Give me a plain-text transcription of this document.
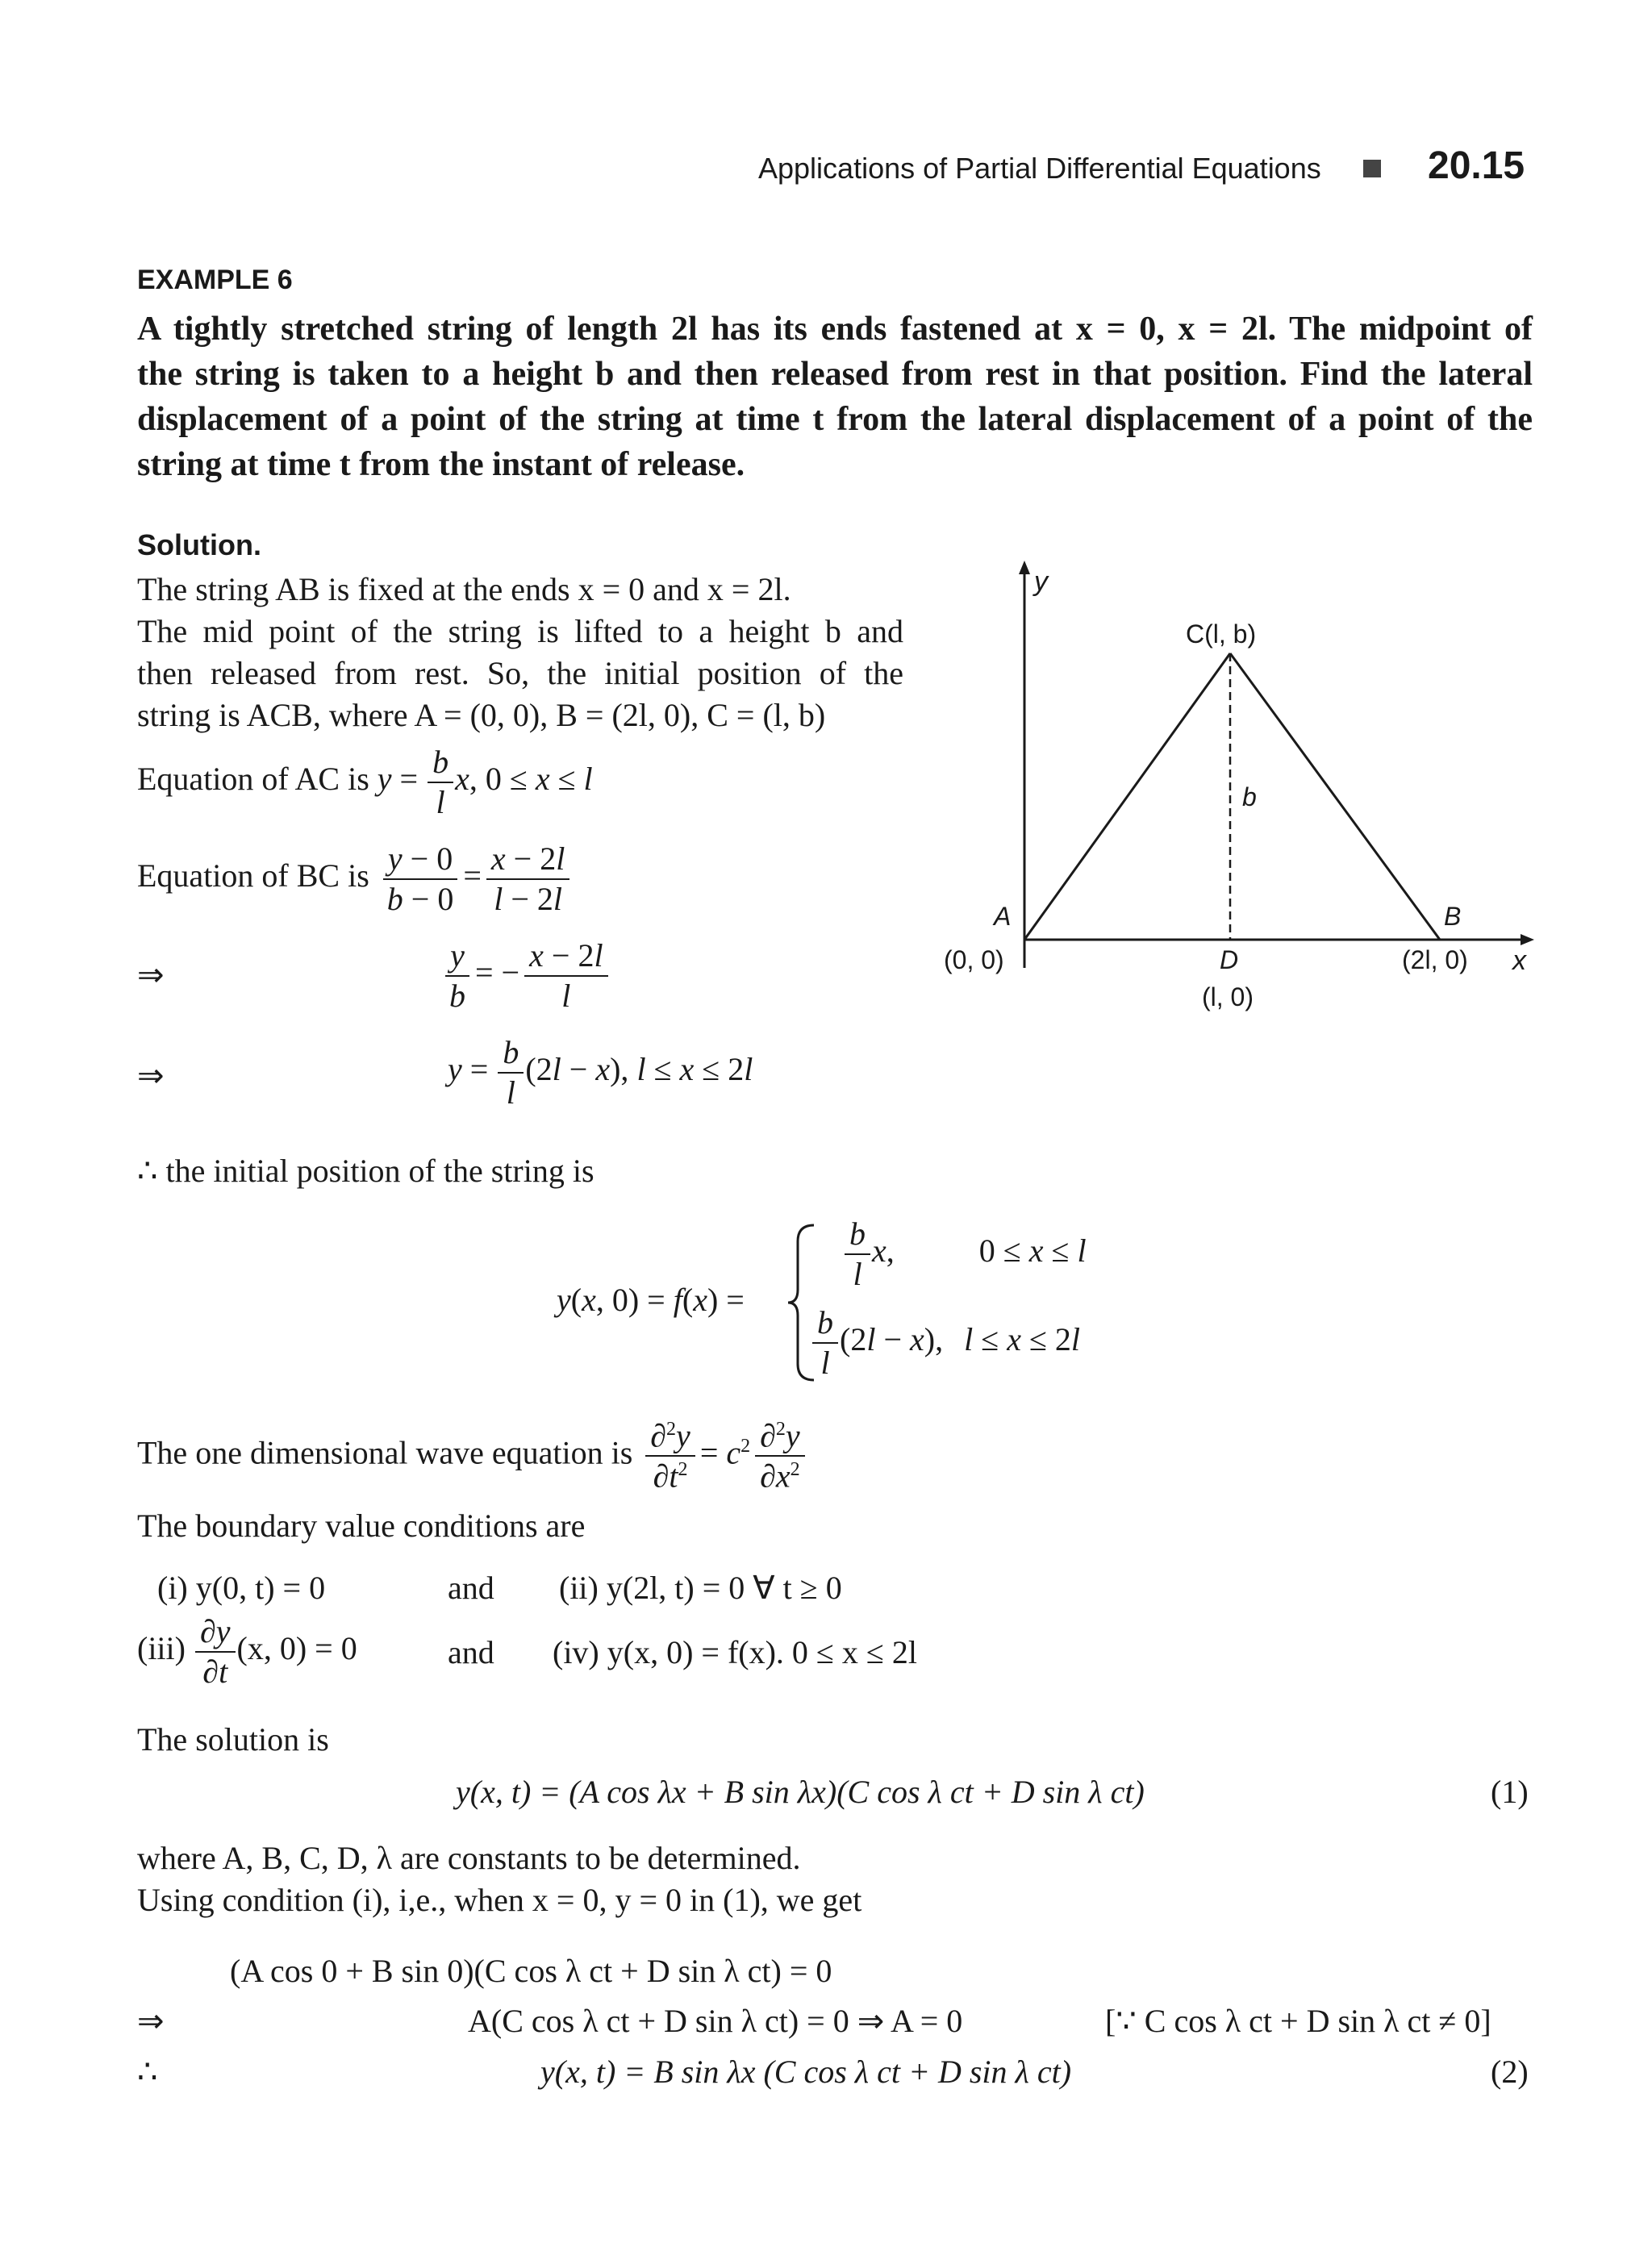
Applications of Partial Differential Equations	20.15
EXAMPLE 6
A tightly stretched string of length 2l has its ends fastened at x = 0, x = 2l. The midpoint of
the string is taken to a height b and then released from rest in that position. Find the lateral
displacement of a point of the string at time t from the lateral displacement of a point of the
string at time t from the instant of release.
Solution.
The string AB is fixed at the ends x = 0 and x = 2l.
The mid point of the string is lifted to a height b and
then released from rest. So, the initial position of the
string is ACB, where A = (0, 0), B = (2l, 0), C = (l, b)
Equation of AC is $y = \frac{b}{l} x$, 0 ≤ x ≤ l
Equation of BC is $\frac{y - 0}{b - 0} = \frac{x - 2l}{l - 2l}$
⇒	$\frac{y}{b}$ = − $\frac{x - 2l}{l}$
⇒	$y = \frac{b}{l} (2l - x)$, l ≤ x ≤ 2l
∴ the initial position of the string is
y(x, 0) = f(x) =
$\frac{b}{l} x$, 0 ≤ x ≤ l
$\frac{b}{l} (2l - x)$, l ≤ x ≤ 2l
The one dimensional wave equation is $\frac{\partial^2y}{\partial t^2} = c^2 \frac{\partial^2y}{\partial x^2}$
The boundary value conditions are
(i) y(0, t) = 0	and (ii) y(2l, t) = 0 ∀ t ≥ 0
$(iii) \frac{\partial y}{\partial t} (x$, 0) = 0	and (iv) y(x, 0) = f(x). 0 ≤ x ≤ 2l
The solution is
y(x, t) = (A cos λx + B sin λx)(C cos λ ct + D sin λ ct)	(1)
where A, B, C, D, λ are constants to be determined.
Using condition (i), i,e., when x = 0, y = 0 in (1), we get
(A cos 0 + B sin 0)(C cos λ ct + D sin λ ct) = 0
⇒	A(C cos λ ct + D sin λ ct) = 0 ⇒ A = 0	[∵ C cos λ ct + D sin λ ct ≠ 0]
∴	y(x, t) = B sin λx (C cos λ ct + D sin λ ct)	(2)
y
C(l, b)
b
A
(0, 0)
B
(2l, 0) x
D
(l, 0)
